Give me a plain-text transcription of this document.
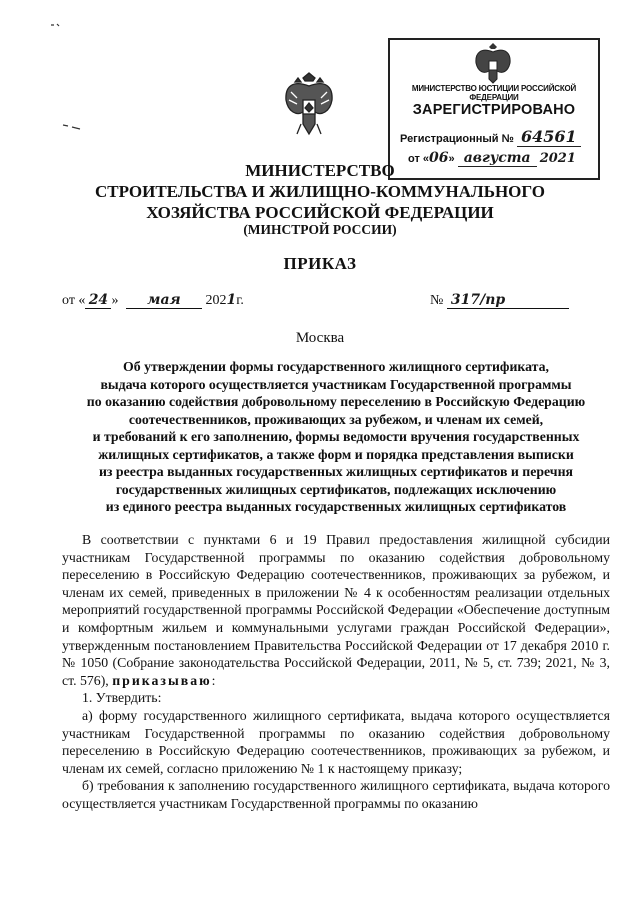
МИНИСТЕРСТВО ЮСТИЦИИ РОССИЙСКОЙ ФЕДЕРАЦИИ
ЗАРЕГИСТРИРОВАНО
Регистрационный № 64561
от «06» августа 2021
МИНИСТЕРСТВО
СТРОИТЕЛЬСТВА И ЖИЛИЩНО-КОММУНАЛЬНОГО
ХОЗЯЙСТВА РОССИЙСКОЙ ФЕДЕРАЦИИ
(МИНСТРОЙ РОССИИ)
ПРИКАЗ
от « 24 » мая 2021г.	№ 317/пр
Москва
Об утверждении формы государственного жилищного сертификата,
выдача которого осуществляется участникам Государственной программы
по оказанию содействия добровольному переселению в Российскую Федерацию
соотечественников, проживающих за рубежом, и членам их семей,
и требований к его заполнению, формы ведомости вручения государственных
жилищных сертификатов, а также форм и порядка представления выписки
из реестра выданных государственных жилищных сертификатов и перечня
государственных жилищных сертификатов, подлежащих исключению
из единого реестра выданных государственных жилищных сертификатов

В соответствии с пунктами 6 и 19 Правил предоставления жилищной субсидии участникам Государственной программы по оказанию содействия добровольному переселению в Российскую Федерацию соотечественников, проживающих за рубежом, и членам их семей, приведенных в приложении № 4 к особенностям реализации отдельных мероприятий государственной программы Российской Федерации «Обеспечение доступным и комфортным жильем и коммунальными услугами граждан Российской Федерации», утвержденным постановлением Правительства Российской Федерации от 17 декабря 2010 г. № 1050 (Собрание законодательства Российской Федерации, 2011, № 5, ст. 739; 2021, № 3, ст. 576), приказываю:

1. Утвердить:

а) форму государственного жилищного сертификата, выдача которого осуществляется участникам Государственной программы по оказанию содействия добровольному переселению в Российскую Федерацию соотечественников, проживающих за рубежом, и членам их семей, согласно приложению № 1 к настоящему приказу;

б) требования к заполнению государственного жилищного сертификата, выдача которого осуществляется участникам Государственной программы по оказанию
